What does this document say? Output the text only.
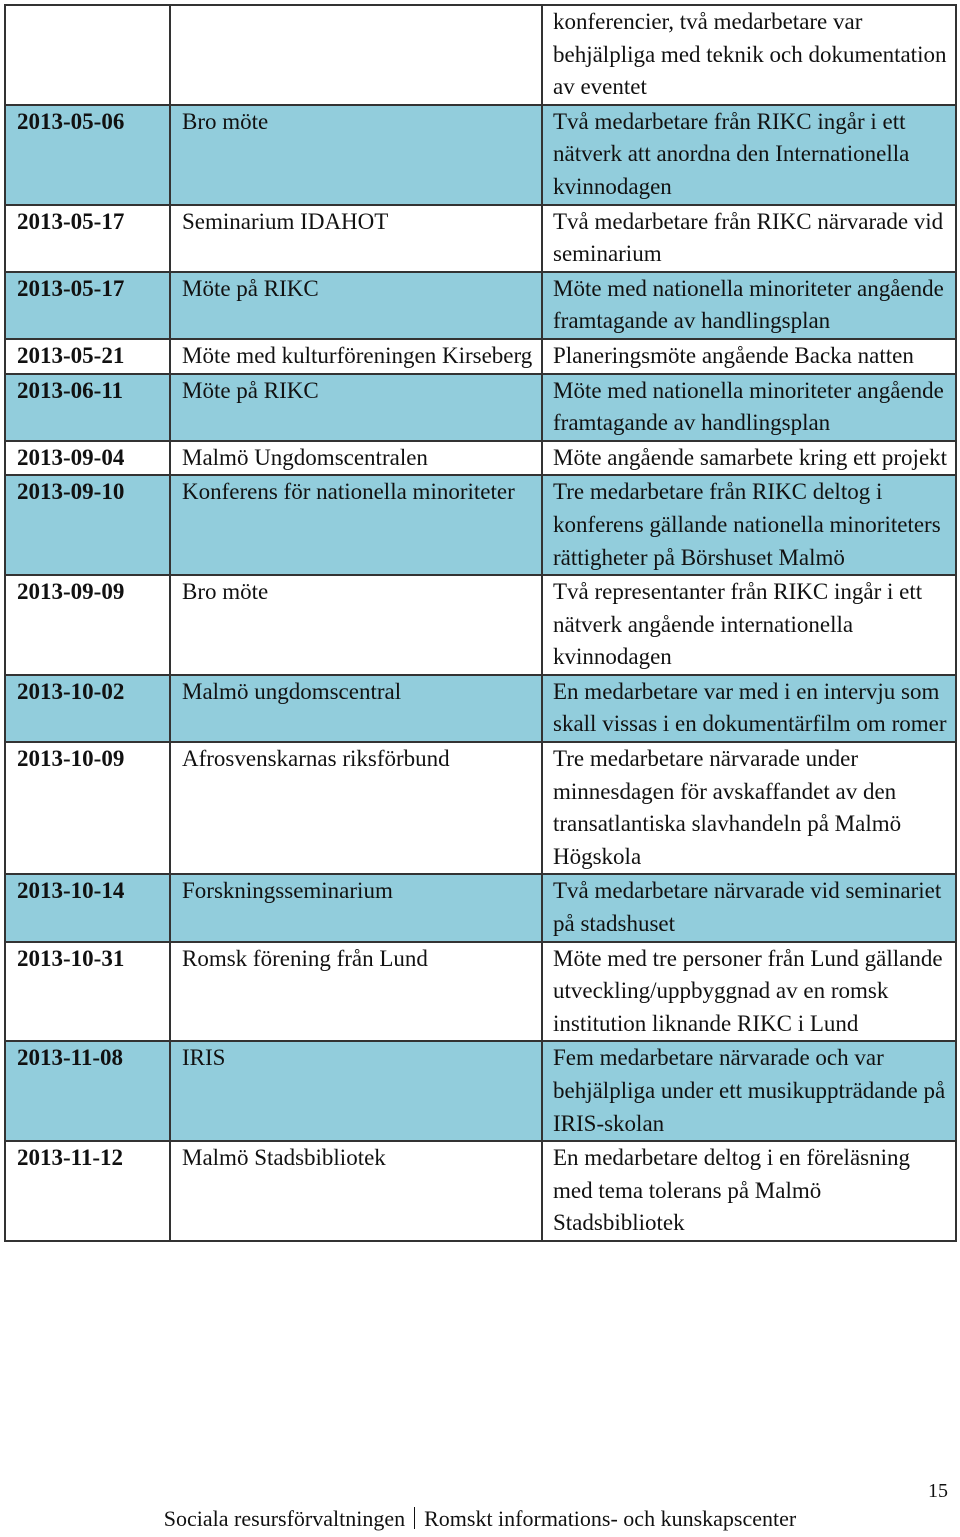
		konferencier, två medarbetare var behjälpliga med teknik och dokumentation av eventet
2013-05-06	Bro möte	Två medarbetare från RIKC ingår i ett nätverk att anordna den Internationella kvinnodagen
2013-05-17	Seminarium IDAHOT	Två medarbetare från RIKC närvarade vid seminarium
2013-05-17	Möte på RIKC	Möte med nationella minoriteter angående framtagande av handlingsplan
2013-05-21	Möte med kulturföreningen Kirseberg	Planeringsmöte angående Backa natten
2013-06-11	Möte på RIKC	Möte med nationella minoriteter angående framtagande av handlingsplan
2013-09-04	Malmö Ungdomscentralen	Möte angående samarbete kring ett projekt
2013-09-10	Konferens för nationella minoriteter	Tre medarbetare från RIKC deltog i konferens gällande nationella minoriteters rättigheter på Börshuset Malmö
2013-09-09	Bro möte	Två representanter från RIKC ingår i ett nätverk angående internationella kvinnodagen
2013-10-02	Malmö ungdomscentral	En medarbetare var med i en intervju som skall vissas i en dokumentärfilm om romer
2013-10-09	Afrosvenskarnas riksförbund	Tre medarbetare närvarade under minnesdagen för avskaffandet av den transatlantiska slavhandeln på Malmö Högskola
2013-10-14	Forskningsseminarium	Två medarbetare närvarade vid seminariet på stadshuset
2013-10-31	Romsk förening från Lund	Möte med tre personer från Lund gällande utveckling/uppbyggnad av en romsk institution liknande RIKC i Lund
2013-11-08	IRIS	Fem medarbetare närvarade och var behjälpliga under ett musikuppträdande på IRIS-skolan
2013-11-12	Malmö Stadsbibliotek	En medarbetare deltog i en föreläsning med tema tolerans på Malmö Stadsbibliotek
15
Sociala resursförvaltningen Romskt informations- och kunskapscenter
